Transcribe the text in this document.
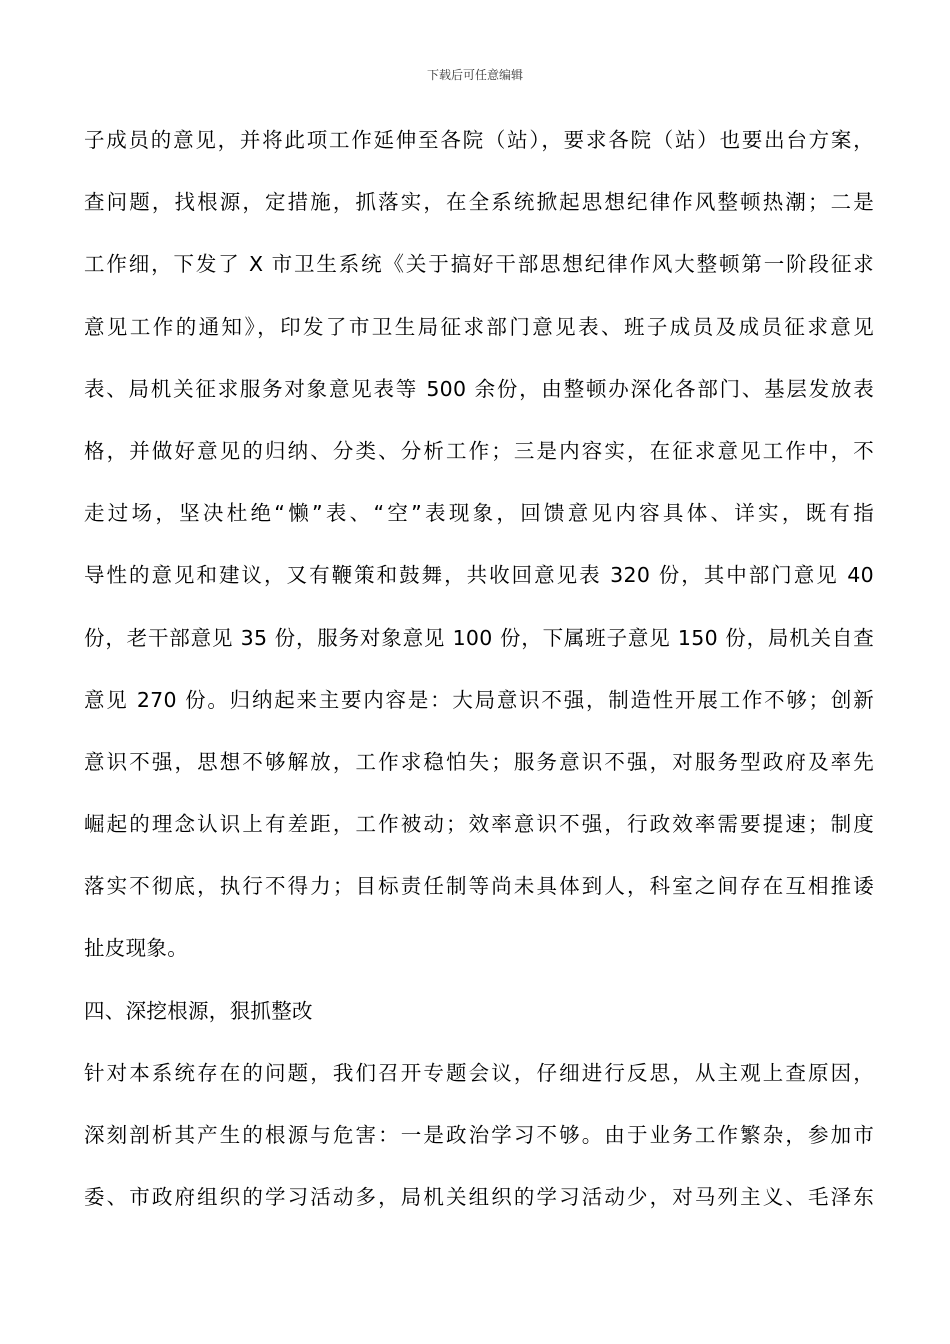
下载后可任意编辑
子成员的意见，并将此项工作延伸至各院（站），要求各院（站）也要出台方案，
查问题，找根源，定措施，抓落实，在全系统掀起思想纪律作风整顿热潮；二是
工作细，下发了 X 市卫生系统《关于搞好干部思想纪律作风大整顿第一阶段征求
意见工作的通知》，印发了市卫生局征求部门意见表、班子成员及成员征求意见
表、局机关征求服务对象意见表等 500 余份，由整顿办深化各部门、基层发放表
格，并做好意见的归纳、分类、分析工作；三是内容实，在征求意见工作中，不
走过场，坚决杜绝“懒”表、“空”表现象，回馈意见内容具体、详实，既有指
导性的意见和建议，又有鞭策和鼓舞，共收回意见表 320 份，其中部门意见 40
份，老干部意见 35 份，服务对象意见 100 份，下属班子意见 150 份，局机关自查
意见 270 份。归纳起来主要内容是：大局意识不强，制造性开展工作不够；创新
意识不强，思想不够解放，工作求稳怕失；服务意识不强，对服务型政府及率先
崛起的理念认识上有差距，工作被动；效率意识不强，行政效率需要提速；制度
落实不彻底，执行不得力；目标责任制等尚未具体到人，科室之间存在互相推诿
扯皮现象。
四、深挖根源，狠抓整改
针对本系统存在的问题，我们召开专题会议，仔细进行反思，从主观上查原因，
深刻剖析其产生的根源与危害：一是政治学习不够。由于业务工作繁杂，参加市
委、市政府组织的学习活动多，局机关组织的学习活动少，对马列主义、毛泽东
